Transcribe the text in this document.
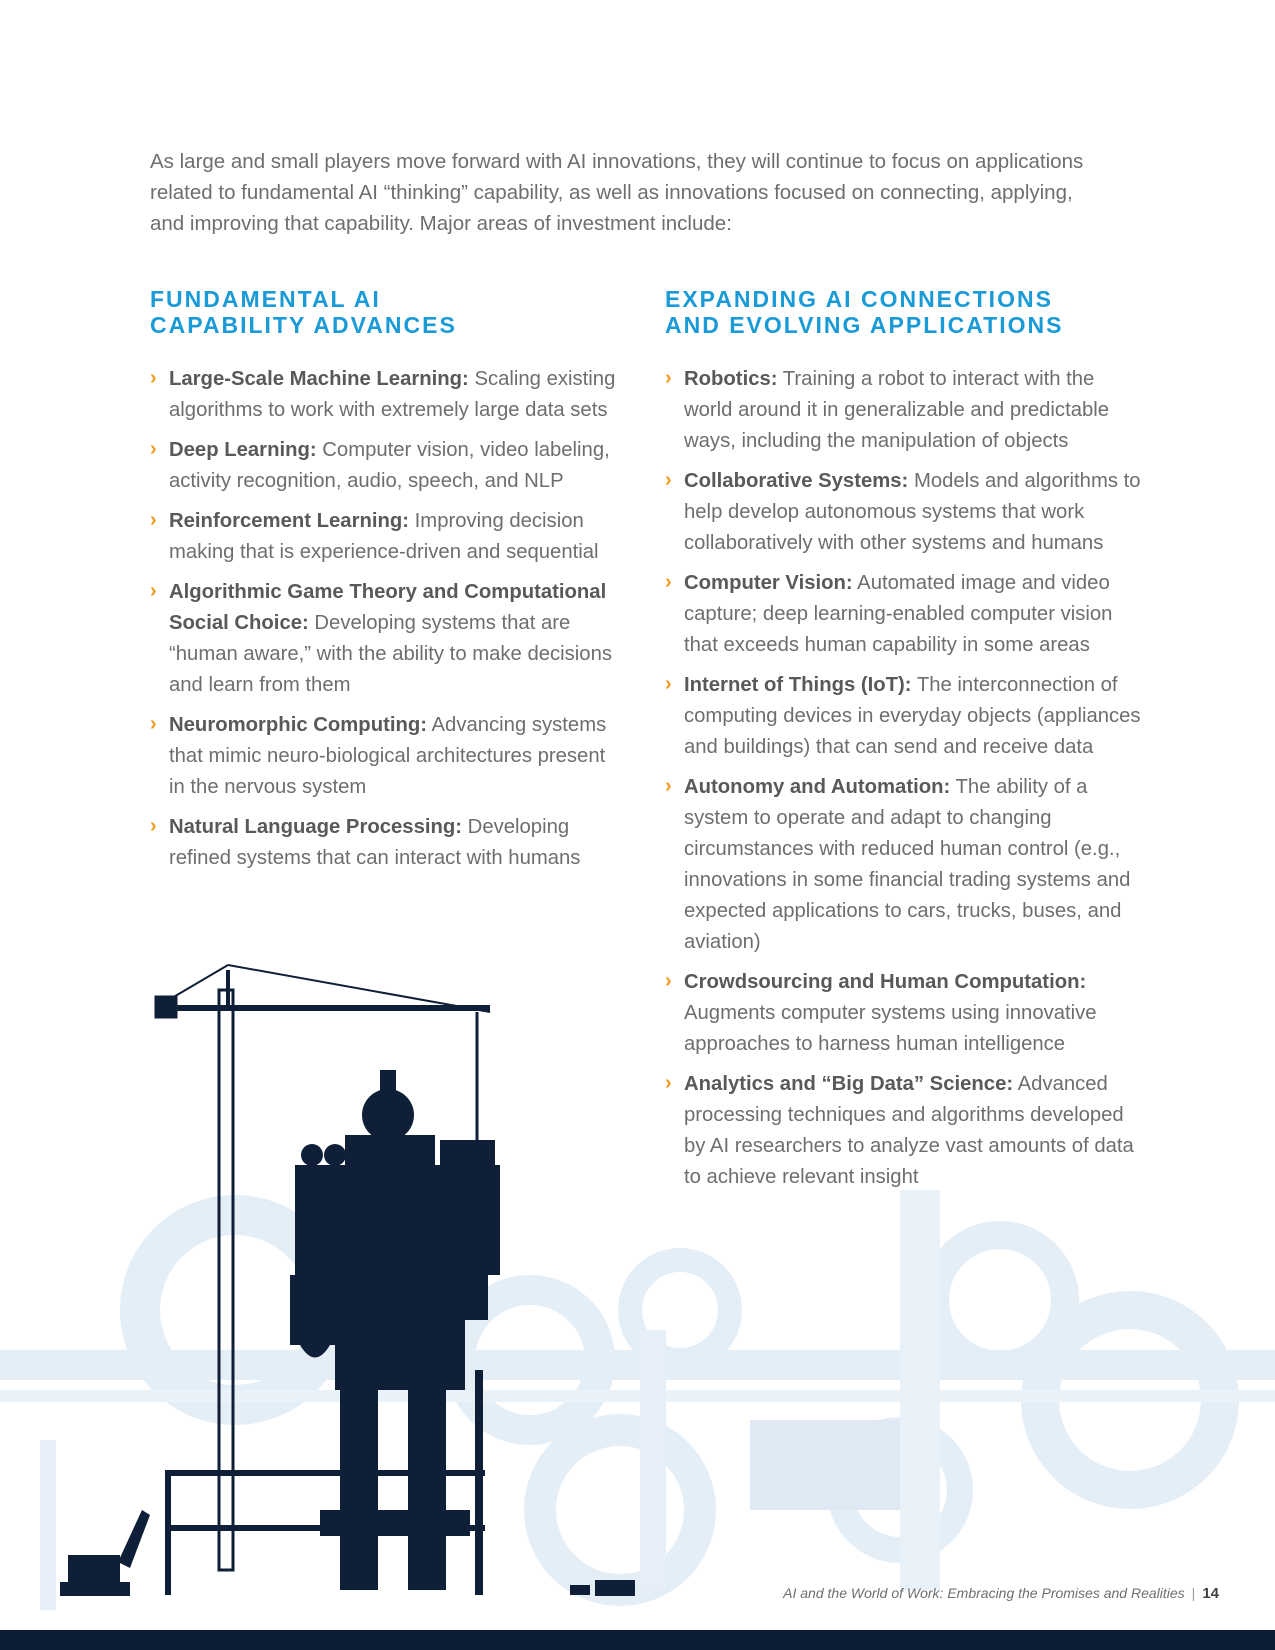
As large and small players move forward with AI innovations, they will continue to focus on applications related to fundamental AI “thinking” capability, as well as innovations focused on connecting, applying, and improving that capability. Major areas of investment include:

FUNDAMENTAL AI
CAPABILITY ADVANCES
› Large-Scale Machine Learning: Scaling existing algorithms to work with extremely large data sets
› Deep Learning: Computer vision, video labeling, activity recognition, audio, speech, and NLP
› Reinforcement Learning: Improving decision making that is experience-driven and sequential
› Algorithmic Game Theory and Computational Social Choice: Developing systems that are “human aware,” with the ability to make decisions and learn from them
› Neuromorphic Computing: Advancing systems that mimic neuro-biological architectures present in the nervous system
› Natural Language Processing: Developing refined systems that can interact with humans
EXPANDING AI CONNECTIONS
AND EVOLVING APPLICATIONS
› Robotics: Training a robot to interact with the world around it in generalizable and predictable ways, including the manipulation of objects
› Collaborative Systems: Models and algorithms to help develop autonomous systems that work collaboratively with other systems and humans
› Computer Vision: Automated image and video capture; deep learning-enabled computer vision that exceeds human capability in some areas
› Internet of Things (IoT): The interconnection of computing devices in everyday objects (appliances and buildings) that can send and receive data
› Autonomy and Automation: The ability of a system to operate and adapt to changing circumstances with reduced human control (e.g., innovations in some financial trading systems and expected applications to cars, trucks, buses, and aviation)
› Crowdsourcing and Human Computation: Augments computer systems using innovative approaches to harness human intelligence
› Analytics and “Big Data” Science: Advanced processing techniques and algorithms developed by AI researchers to analyze vast amounts of data to achieve relevant insight
AI and the World of Work: Embracing the Promises and Realities | 14
